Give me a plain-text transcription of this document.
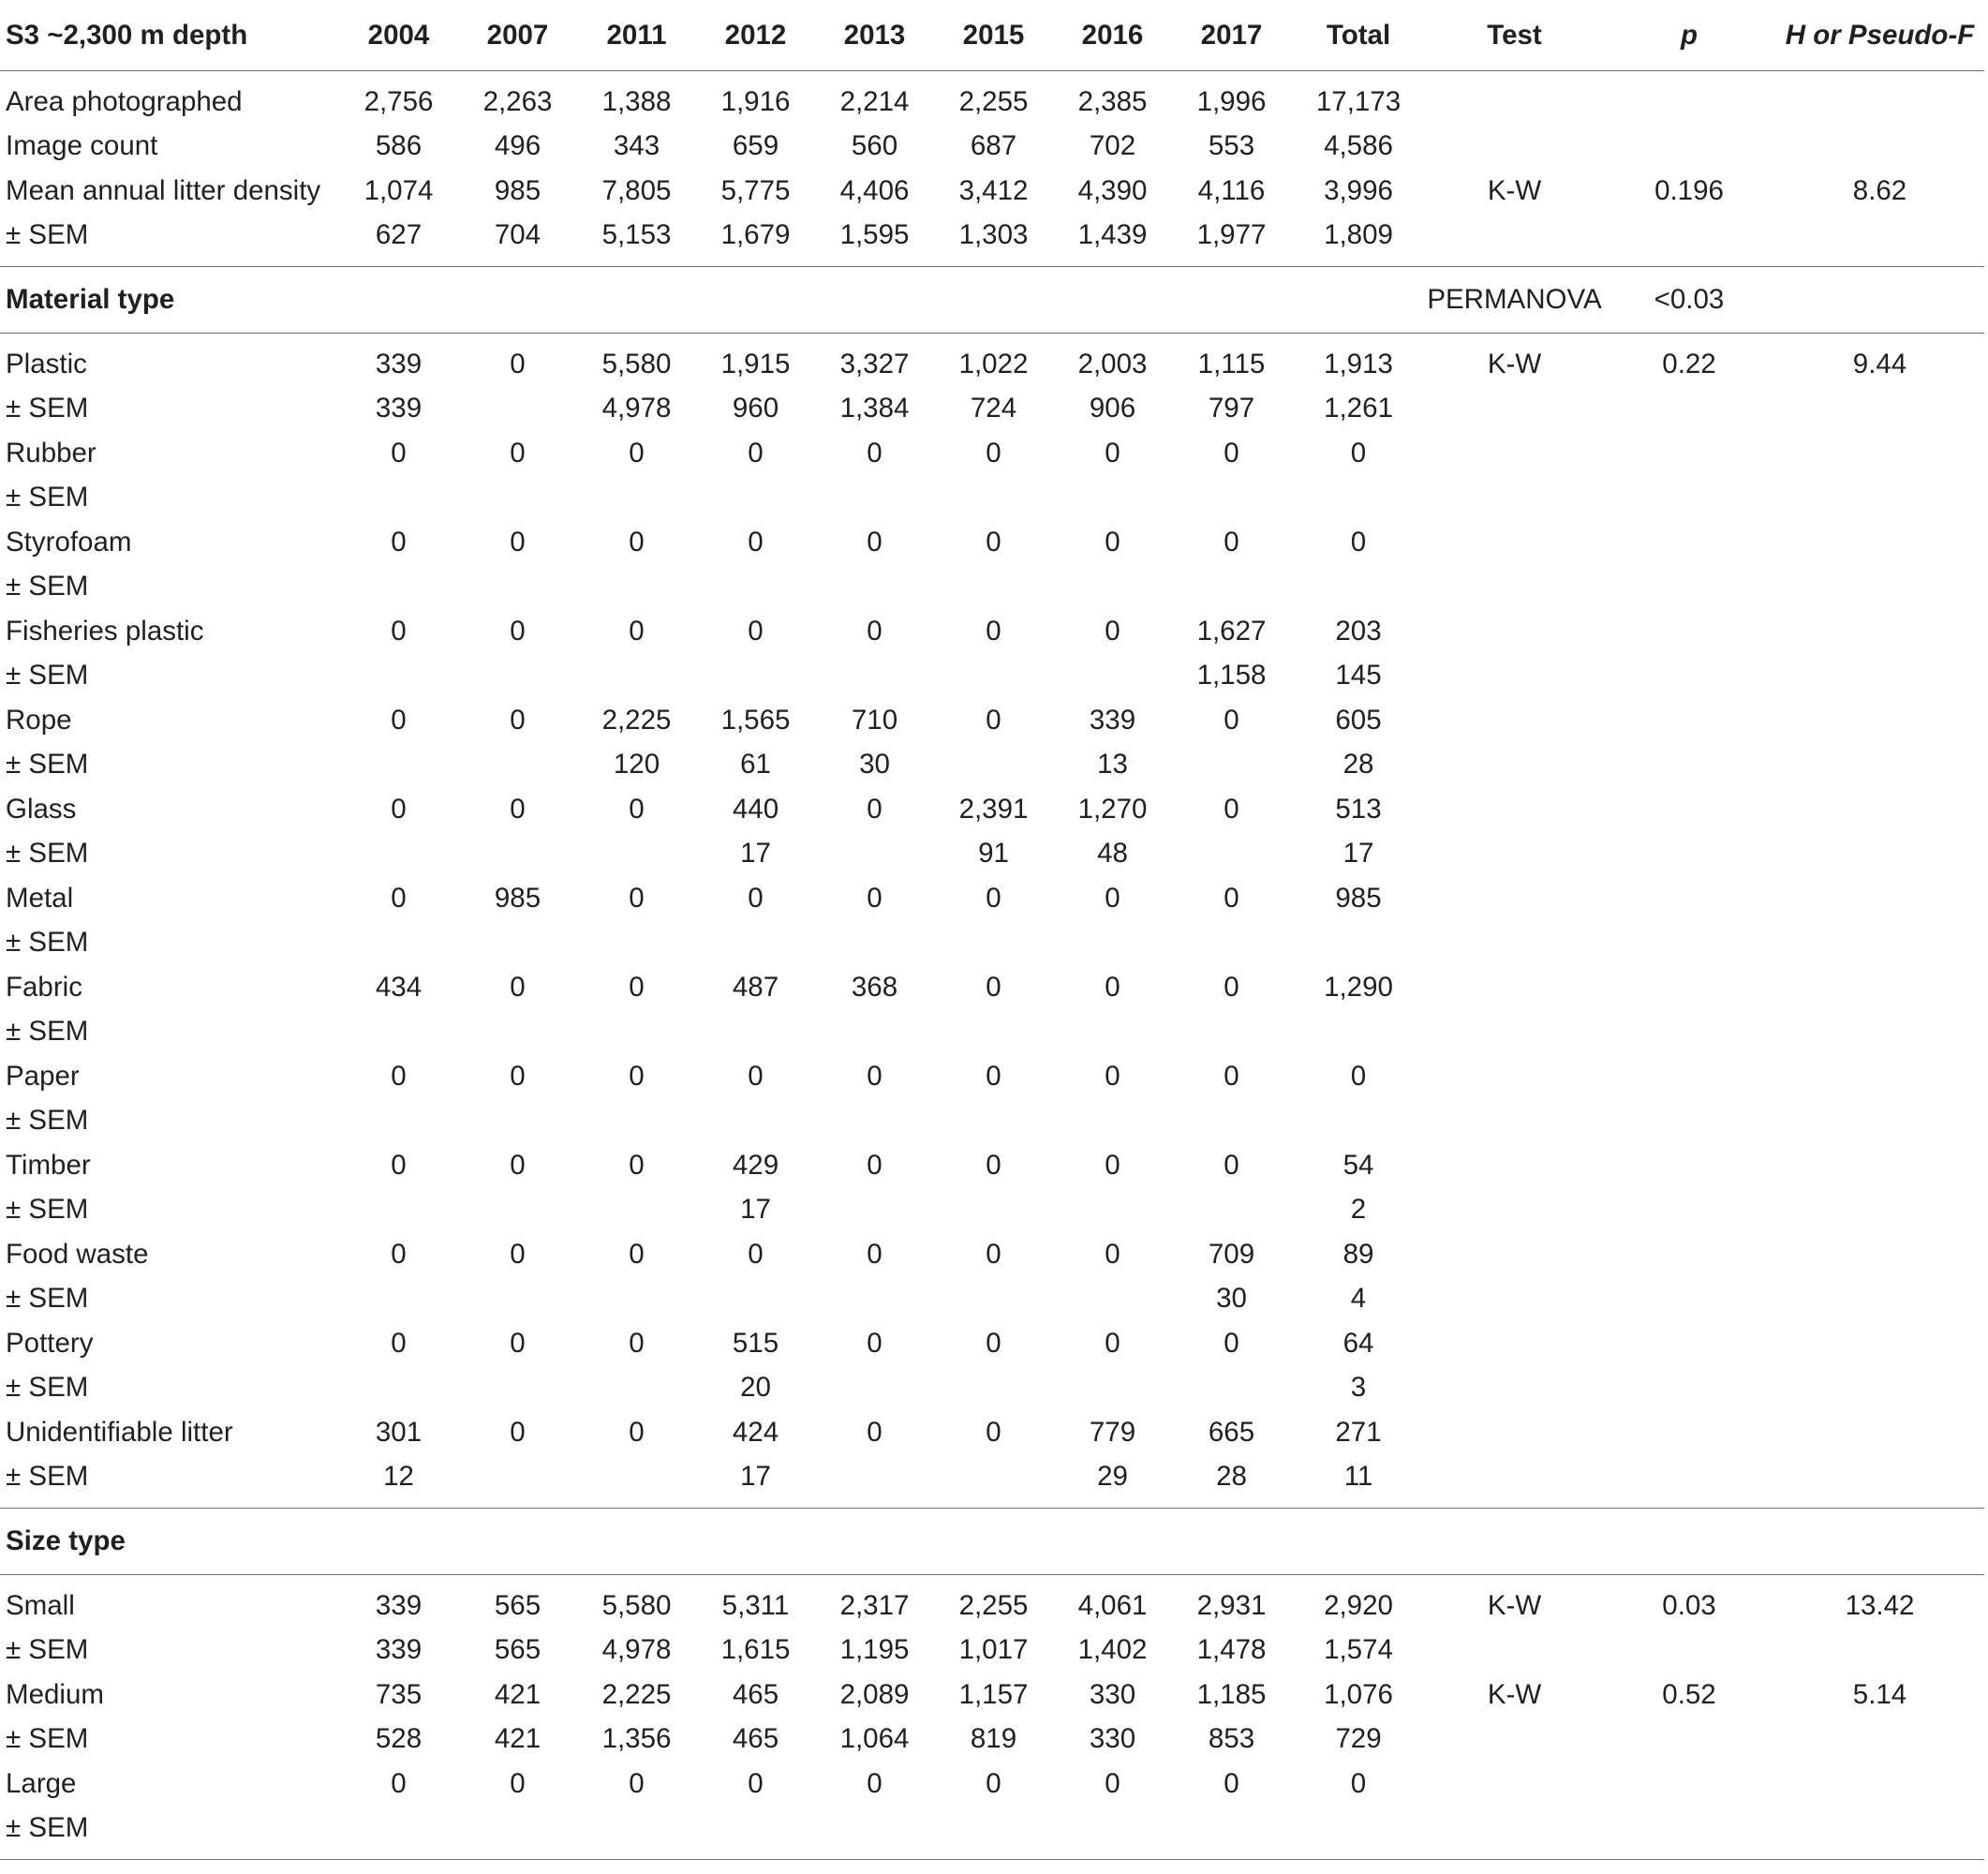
S3 ~2,300 m depth	2004	2007	2011	2012	2013	2015	2016	2017	Total	Test	p	H or Pseudo-F
Area photographed	2,756	2,263	1,388	1,916	2,214	2,255	2,385	1,996	17,173			
Image count	586	496	343	659	560	687	702	553	4,586			
Mean annual litter density	1,074	985	7,805	5,775	4,406	3,412	4,390	4,116	3,996	K-W	0.196	8.62
± SEM	627	704	5,153	1,679	1,595	1,303	1,439	1,977	1,809			
Material type										PERMANOVA	<0.03	
Plastic	339	0	5,580	1,915	3,327	1,022	2,003	1,115	1,913	K-W	0.22	9.44
± SEM	339		4,978	960	1,384	724	906	797	1,261			
Rubber	0	0	0	0	0	0	0	0	0			
± SEM												
Styrofoam	0	0	0	0	0	0	0	0	0			
± SEM												
Fisheries plastic	0	0	0	0	0	0	0	1,627	203			
± SEM								1,158	145			
Rope	0	0	2,225	1,565	710	0	339	0	605			
± SEM			120	61	30		13		28			
Glass	0	0	0	440	0	2,391	1,270	0	513			
± SEM				17		91	48		17			
Metal	0	985	0	0	0	0	0	0	985			
± SEM												
Fabric	434	0	0	487	368	0	0	0	1,290			
± SEM												
Paper	0	0	0	0	0	0	0	0	0			
± SEM												
Timber	0	0	0	429	0	0	0	0	54			
± SEM				17					2			
Food waste	0	0	0	0	0	0	0	709	89			
± SEM								30	4			
Pottery	0	0	0	515	0	0	0	0	64			
± SEM				20					3			
Unidentifiable litter	301	0	0	424	0	0	779	665	271			
± SEM	12			17			29	28	11			
Size type												
Small	339	565	5,580	5,311	2,317	2,255	4,061	2,931	2,920	K-W	0.03	13.42
± SEM	339	565	4,978	1,615	1,195	1,017	1,402	1,478	1,574			
Medium	735	421	2,225	465	2,089	1,157	330	1,185	1,076	K-W	0.52	5.14
± SEM	528	421	1,356	465	1,064	819	330	853	729			
Large	0	0	0	0	0	0	0	0	0			
± SEM												
